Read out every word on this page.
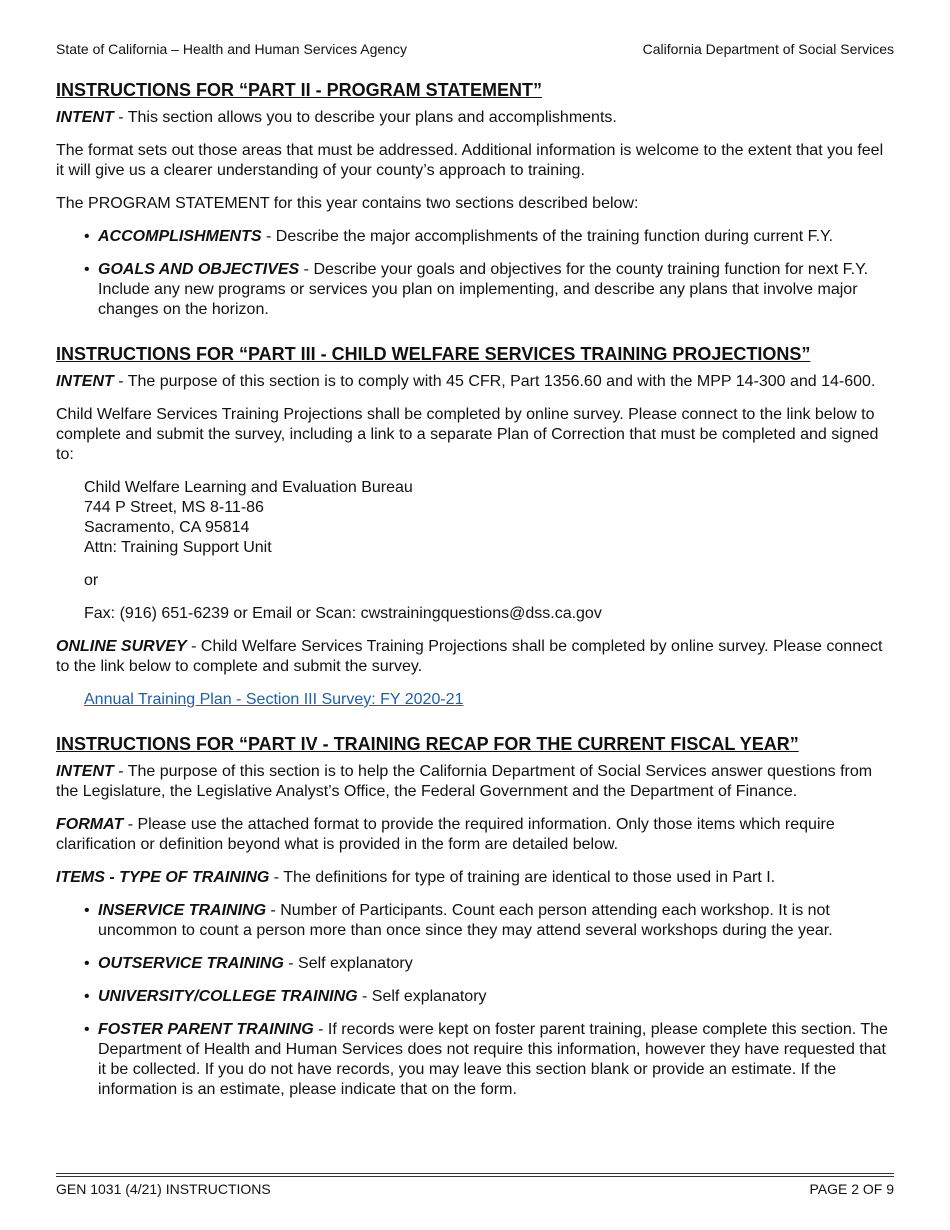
State of California – Health and Human Services Agency	California Department of Social Services
INSTRUCTIONS FOR “PART II - PROGRAM STATEMENT”

INTENT - This section allows you to describe your plans and accomplishments.

The format sets out those areas that must be addressed. Additional information is welcome to the extent that you feel it will give us a clearer understanding of your county’s approach to training.

The PROGRAM STATEMENT for this year contains two sections described below:

• ACCOMPLISHMENTS - Describe the major accomplishments of the training function during current F.Y.
• GOALS AND OBJECTIVES - Describe your goals and objectives for the county training function for next F.Y. Include any new programs or services you plan on implementing, and describe any plans that involve major changes on the horizon.
INSTRUCTIONS FOR “PART III - CHILD WELFARE SERVICES TRAINING PROJECTIONS”

INTENT - The purpose of this section is to comply with 45 CFR, Part 1356.60 and with the MPP 14-300 and 14-600.

Child Welfare Services Training Projections shall be completed by online survey. Please connect to the link below to complete and submit the survey, including a link to a separate Plan of Correction that must be completed and signed to:

Child Welfare Learning and Evaluation Bureau
744 P Street, MS 8-11-86
Sacramento, CA 95814
Attn: Training Support Unit

or

Fax: (916) 651-6239 or Email or Scan: cwstrainingquestions@dss.ca.gov

ONLINE SURVEY - Child Welfare Services Training Projections shall be completed by online survey. Please connect to the link below to complete and submit the survey.

Annual Training Plan - Section III Survey: FY 2020-21

INSTRUCTIONS FOR “PART IV - TRAINING RECAP FOR THE CURRENT FISCAL YEAR”

INTENT - The purpose of this section is to help the California Department of Social Services answer questions from the Legislature, the Legislative Analyst’s Office, the Federal Government and the Department of Finance.

FORMAT - Please use the attached format to provide the required information. Only those items which require clarification or definition beyond what is provided in the form are detailed below.

ITEMS - TYPE OF TRAINING - The definitions for type of training are identical to those used in Part I.

• INSERVICE TRAINING - Number of Participants. Count each person attending each workshop. It is not uncommon to count a person more than once since they may attend several workshops during the year.
• OUTSERVICE TRAINING - Self explanatory
• UNIVERSITY/COLLEGE TRAINING - Self explanatory
• FOSTER PARENT TRAINING - If records were kept on foster parent training, please complete this section. The Department of Health and Human Services does not require this information, however they have requested that it be collected. If you do not have records, you may leave this section blank or provide an estimate. If the information is an estimate, please indicate that on the form.
GEN 1031 (4/21) INSTRUCTIONS	PAGE 2 OF 9
